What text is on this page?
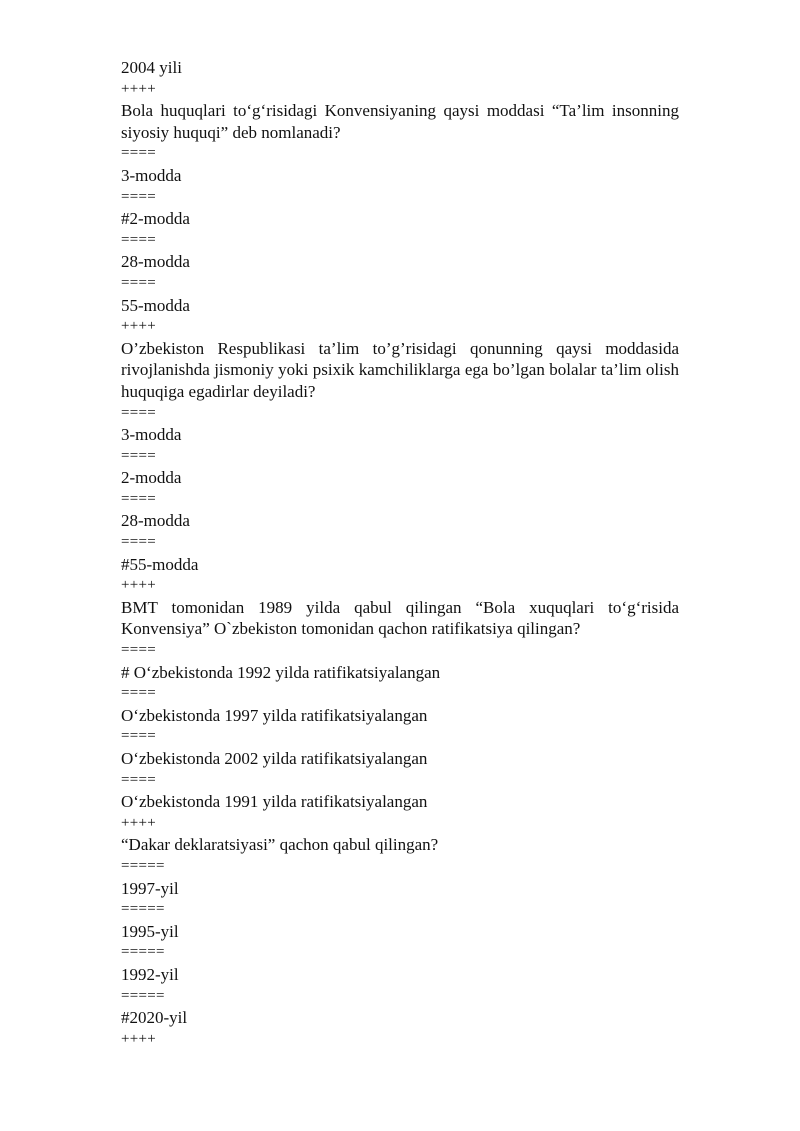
2004 yili
++++
Bola huquqlari to‘g‘risidagi Konvensiyaning qaysi moddasi “Ta’lim insonning siyosiy huquqi” deb nomlanadi?
====
3-modda
====
#2-modda
====
28-modda
====
55-modda
++++
O’zbekiston Respublikasi ta’lim to’g’risidagi qonunning qaysi moddasida rivojlanishda jismoniy yoki psixik kamchiliklarga ega bo’lgan bolalar ta’lim olish huquqiga egadirlar deyiladi?
====
3-modda
====
2-modda
====
28-modda
====
#55-modda
++++
BMT tomonidan 1989 yilda qabul qilingan “Bola xuquqlari to‘g‘risida Konvensiya” O`zbekiston tomonidan qachon ratifikatsiya qilingan?
====
# O‘zbekistonda 1992 yilda ratifikatsiyalangan
====
O‘zbekistonda 1997 yilda ratifikatsiyalangan
====
O‘zbekistonda 2002 yilda ratifikatsiyalangan
====
O‘zbekistonda 1991 yilda ratifikatsiyalangan
++++
“Dakar deklaratsiyasi” qachon qabul qilingan?
=====
1997-yil
=====
1995-yil
=====
1992-yil
=====
#2020-yil
++++
